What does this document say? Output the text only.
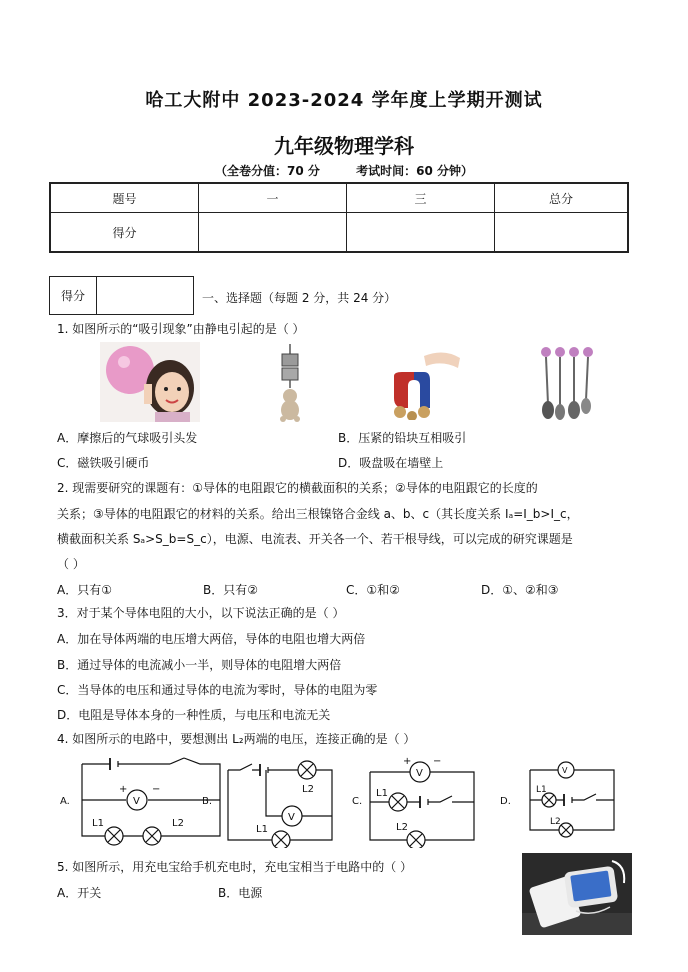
哈工大附中 2023-2024 学年度上学期开测试
九年级物理学科
（全卷分值：70 分	考试时间：60 分钟）
题号	一	三	总分
得分			
得分	一、选择题（每题 2 分，共 24 分）
1. 如图所示的“吸引现象”由静电引起的是（ ）
A．摩擦后的气球吸引头发	B．压紧的铅块互相吸引
C．磁铁吸引硬币	D．吸盘吸在墙壁上
2. 现需要研究的课题有：①导体的电阻跟它的横截面积的关系；②导体的电阻跟它的长度的
关系；③导体的电阻跟它的材料的关系。给出三根镍铬合金线 a、b、c（其长度关系 Iₐ=I_b>I_c，
横截面积关系 Sₐ>S_b=S_c），电源、电流表、开关各一个、若干根导线，可以完成的研究课题是
（ ）
A．只有①	B．只有②	C．①和②	D．①、②和③
3．对于某个导体电阻的大小，以下说法正确的是（ ）
A．加在导体两端的电压增大两倍，导体的电阻也增大两倍
B．通过导体的电流减小一半，则导体的电阻增大两倍
C．当导体的电压和通过导体的电流为零时，导体的电阻为零
D．电阻是导体本身的一种性质，与电压和电流无关
4. 如图所示的电路中，要想测出 L₂两端的电压，连接正确的是（ ）
A.	B.	C.	D.
V
+ −
L1	L2
V
L2
L1
V
+ −
L1
L2
V
L1
L2
5. 如图所示，用充电宝给手机充电时，充电宝相当于电路中的（ ）
A．开关	B．电源
